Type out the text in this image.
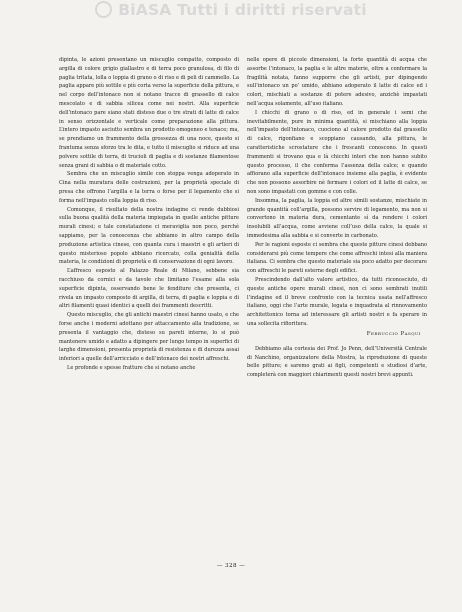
BiASA Tutti i diritti riservati

dipinta, le azioni presentano un miscuglio compatto, composto di argilla di colore grigio giallastro e di terra poco granulosa, di filo di paglia tritata, lolla o loppia di grano o di riso e di peli di cammello. La paglia appare più sottile e più corta verso la superficie della pittura, e nel corpo dell’intonaco non si notano tracce di grassello di calce mescolato e di sabbia silicea come nei nostri. Alla superficie dell’intonaco pare siano stati disteso due o tre strati di latte di calce in senso orizzontale e verticale come preparazione alla pittura. L’intero impasto asciutto sembra un prodotto omogeneo e tenace; ma, se prendiamo un frammento della grossezza di una noce, questo si frantuma senza sforzo tra le dita, e tutto il miscuglio si riduce ad una polvere sottile di terra, di trucioli di paglia e di sostanze filamentose senza grani di sabbia o di materiale cotto.

Sembra che un miscuglio simile con stoppa venga adoperato in Cina nella muratura delle costruzioni, per la proprietà speciale di presa che offrono l’argilla e la terra o forse per il legamento che si forma nell’impasto colla loppia di riso.

Comunque, il risultato della nostra indagine ci rende dubbiosi sulla buona qualità della materia impiegata in quelle antiche pitture murali cinesi; e tale constatazione ci meraviglia non poco, perchè sappiamo, per la conoscenza che abbiamo in altro campo della produzione artistica cinese, con quanta cura i maestri e gli artieri di questo misterioso popolo abbiano ricercato, colla genialità della materia, le condizioni di proprietà e di conservazione di ogni lavoro.

L’affresco esposto al Palazzo Reale di Milano, sebbene sia racchiuso da cornici e da tavole che limitano l’esame alla sola superficie dipinta, osservando bene le fenditure che presenta, ci rivela un impasto composto di argilla, di terra, di paglia e loppia e di altri filamenti quasi identici a quelli dei frammenti descritti.

Questo miscuglio, che gli antichi maestri cinesi hanno usato, e che forse anche i moderni adottano per attaccamento alla tradizione, se presenta il vantaggio che, disteso su pareti interne, lo si può mantenere umido e adatto a dipingere per lungo tempo in superfici di larghe dimensioni, presenta proprietà di resistenza e di durezza assai inferiori a quelle dell’arricciato e dell’intonaco dei nostri affreschi.

Le profonde e spesse fratture che si notano anche

nelle opere di piccole dimensioni, la forte quantità di acqua che assorbe l’intonaco, la paglia e le altre materie, oltre a confermare la fragilità notata, fanno supporre che gli artisti, pur dipingendo sull’intonaco un po’ umido, abbiano adoperato il latte di calce ed i colori, mischiati a sostanze di potere adesivo, anzichè impastati nell’acqua solamente, all’uso italiano.

I chicchi di grano o di riso, ed in generale i semi che inevitabilmente, pure in minima quantità, si mischiano alla loppia nell’impasto dell’intonaco, cuociono al calore prodotto dal grassello di calce, rigonfiano e scoppiano causando, alla pittura, le caratteristiche scrostature che i frescanti conoscono. In questi frammenti si trovano qua e là chicchi interi che non hanno subito questo processo, il che conferma l’assenza della calce; e quando affiorano alla superficie dell’intonaco insieme alla paglia, è evidente che non possono assorbire nè fermare i colori ed il latte di calce, se non sono impastati con gomme e con colle.

Insomma, la paglia, la loppia ed altre simili sostanze, mischiate in grande quantità coll’argilla, possono servire di legamento, ma non si convertono in materia dura, cementante sì da rendere i colori insolubili all’acqua, come avviene coll’uso della calce, la quale si immedesima alla sabbia e si converte in carbonato.

Per le ragioni esposte ci sembra che queste pitture cinesi debbano considerarsi più come tempere che come affreschi intesi alla maniera italiana. Ci sembra che questo materiale sia poco adatto per decorare con affreschi le pareti esterne degli edifici.

Prescindendo dall’alto valore artistico, da tutti riconosciuto, di queste antiche opere murali cinesi, non ci sono sembrati inutili l’indagine ed il breve confronto con la tecnica usata nell’affresco italiano, oggi che l’arte murale, legata e inquadrata al rinnovamento architettonico torna ad interessare gli artisti nostri e fa sperare in una sollecita rifioritura.

Ferruccio Pasqui

Debbiamo alla cortesia dei Prof. Jo Penn, dell’Università Centrale di Nanchino, organizzatore della Mostra, la riproduzione di queste belle pitture; e saremo grati ai figli, competenti e studiosi d’arte, completerà con maggiori chiarimenti questi nostri brevi appunti.

— 328 —
